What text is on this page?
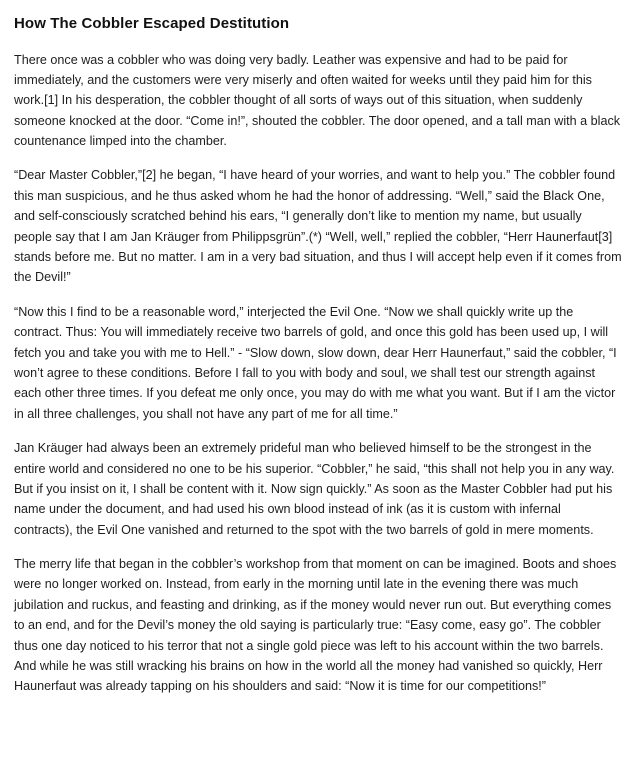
How The Cobbler Escaped Destitution

There once was a cobbler who was doing very badly. Leather was expensive and had to be paid for immediately, and the customers were very miserly and often waited for weeks until they paid him for this work.[1] In his desperation, the cobbler thought of all sorts of ways out of this situation, when suddenly someone knocked at the door. “Come in!”, shouted the cobbler. The door opened, and a tall man with a black countenance limped into the chamber.

“Dear Master Cobbler,”[2] he began, “I have heard of your worries, and want to help you.” The cobbler found this man suspicious, and he thus asked whom he had the honor of addressing. “Well,” said the Black One, and self-consciously scratched behind his ears, “I generally don’t like to mention my name, but usually people say that I am Jan Kräuger from Philippsgrün”.(*) “Well, well,” replied the cobbler, “Herr Haunerfaut[3] stands before me. But no matter. I am in a very bad situation, and thus I will accept help even if it comes from the Devil!”

“Now this I find to be a reasonable word,” interjected the Evil One. “Now we shall quickly write up the contract. Thus: You will immediately receive two barrels of gold, and once this gold has been used up, I will fetch you and take you with me to Hell.” - “Slow down, slow down, dear Herr Haunerfaut,” said the cobbler, “I won’t agree to these conditions. Before I fall to you with body and soul, we shall test our strength against each other three times. If you defeat me only once, you may do with me what you want. But if I am the victor in all three challenges, you shall not have any part of me for all time.”

Jan Kräuger had always been an extremely prideful man who believed himself to be the strongest in the entire world and considered no one to be his superior. “Cobbler,” he said, “this shall not help you in any way. But if you insist on it, I shall be content with it. Now sign quickly.” As soon as the Master Cobbler had put his name under the document, and had used his own blood instead of ink (as it is custom with infernal contracts), the Evil One vanished and returned to the spot with the two barrels of gold in mere moments.

The merry life that began in the cobbler’s workshop from that moment on can be imagined. Boots and shoes were no longer worked on. Instead, from early in the morning until late in the evening there was much jubilation and ruckus, and feasting and drinking, as if the money would never run out. But everything comes to an end, and for the Devil’s money the old saying is particularly true: “Easy come, easy go”. The cobbler thus one day noticed to his terror that not a single gold piece was left to his account within the two barrels. And while he was still wracking his brains on how in the world all the money had vanished so quickly, Herr Haunerfaut was already tapping on his shoulders and said: “Now it is time for our competitions!”
